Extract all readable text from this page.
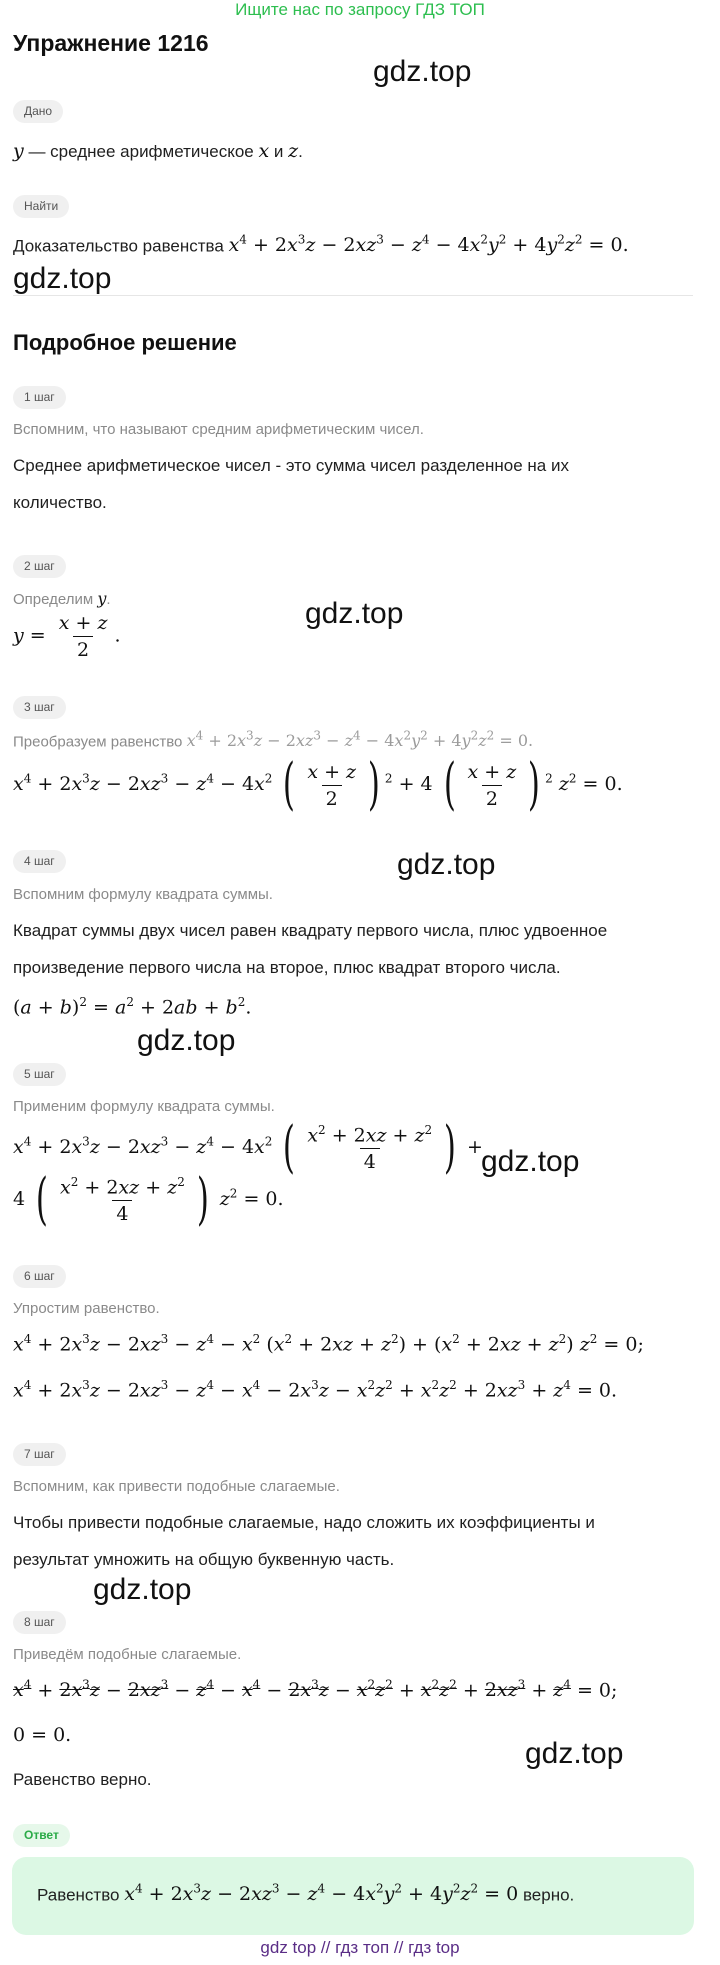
Ищите нас по запросу ГДЗ ТОП
Упражнение 1216
gdz.top
Дано
y — среднее арифметическое x и z.
Найти
Доказательство равенства $x^4 + 2x^3z - 2xz^3 - z^4 - 4x^2y^2 + 4y^2z^2 = 0$.
gdz.top
Подробное решение
1 шаг
Вспомним, что называют средним арифметическим чисел.
Среднее арифметическое чисел - это сумма чисел разделенное на их
количество.
2 шаг
Определим y.	gdz.top
$y = \frac{x + z}{2}$ .
3 шаг
Преобразуем равенство $x^4 + 2x^3z - 2xz^3 - z^4 - 4x^2y^2 + 4y^2z^2 = 0$.
$x^4 + 2x^3z - 2xz^3 - z^4 - 4x^2$ ( $\frac{x + z}{2}$ ) $^2$ + 4 ( $\frac{x + z}{2}$ ) $^2$ $z^2 = 0$.
gdz.top
4 шаг
Вспомним формулу квадрата суммы.
Квадрат суммы двух чисел равен квадрату первого числа, плюс удвоенное
произведение первого числа на второе, плюс квадрат второго числа.
$(a + b)^2 = a^2 + 2ab + b^2$.
gdz.top
5 шаг
Применим формулу квадрата суммы.
$x^4 + 2x^3z - 2xz^3 - z^4 - 4x^2$ ( $\frac{x^2 + 2xz + z^2}{4}$ ) +
gdz.top
4 ( $\frac{x^2 + 2xz + z^2}{4}$ ) $z^2 = 0$.
6 шаг
Упростим равенство.
$x^4 + 2x^3z - 2xz^3 - z^4 - x^2$ $(x^2 + 2xz + z^2) + (x^2 + 2xz + z^2) z^2 = 0$;
$x^4 + 2x^3z - 2xz^3 - z^4 - x^4 - 2x^3z - x^2z^2 + x^2z^2 + 2xz^3 + z^4 = 0$.
7 шаг
Вспомним, как привести подобные слагаемые.
Чтобы привести подобные слагаемые, надо сложить их коэффициенты и
результат умножить на общую буквенную часть.
gdz.top
8 шаг
Приведём подобные слагаемые.
$x^4 + 2x^3z - 2xz^3 - z^4 - x^4 - 2x^3z - x^2z^2 + x^2z^2 + 2xz^3 + z^4 = 0$;
0 = 0.
Равенство верно.
gdz.top
Ответ
Равенство $x^4 + 2x^3z - 2xz^3 - z^4 - 4x^2y^2 + 4y^2z^2 = 0$ верно.
gdz top // гдз топ // гдз top
